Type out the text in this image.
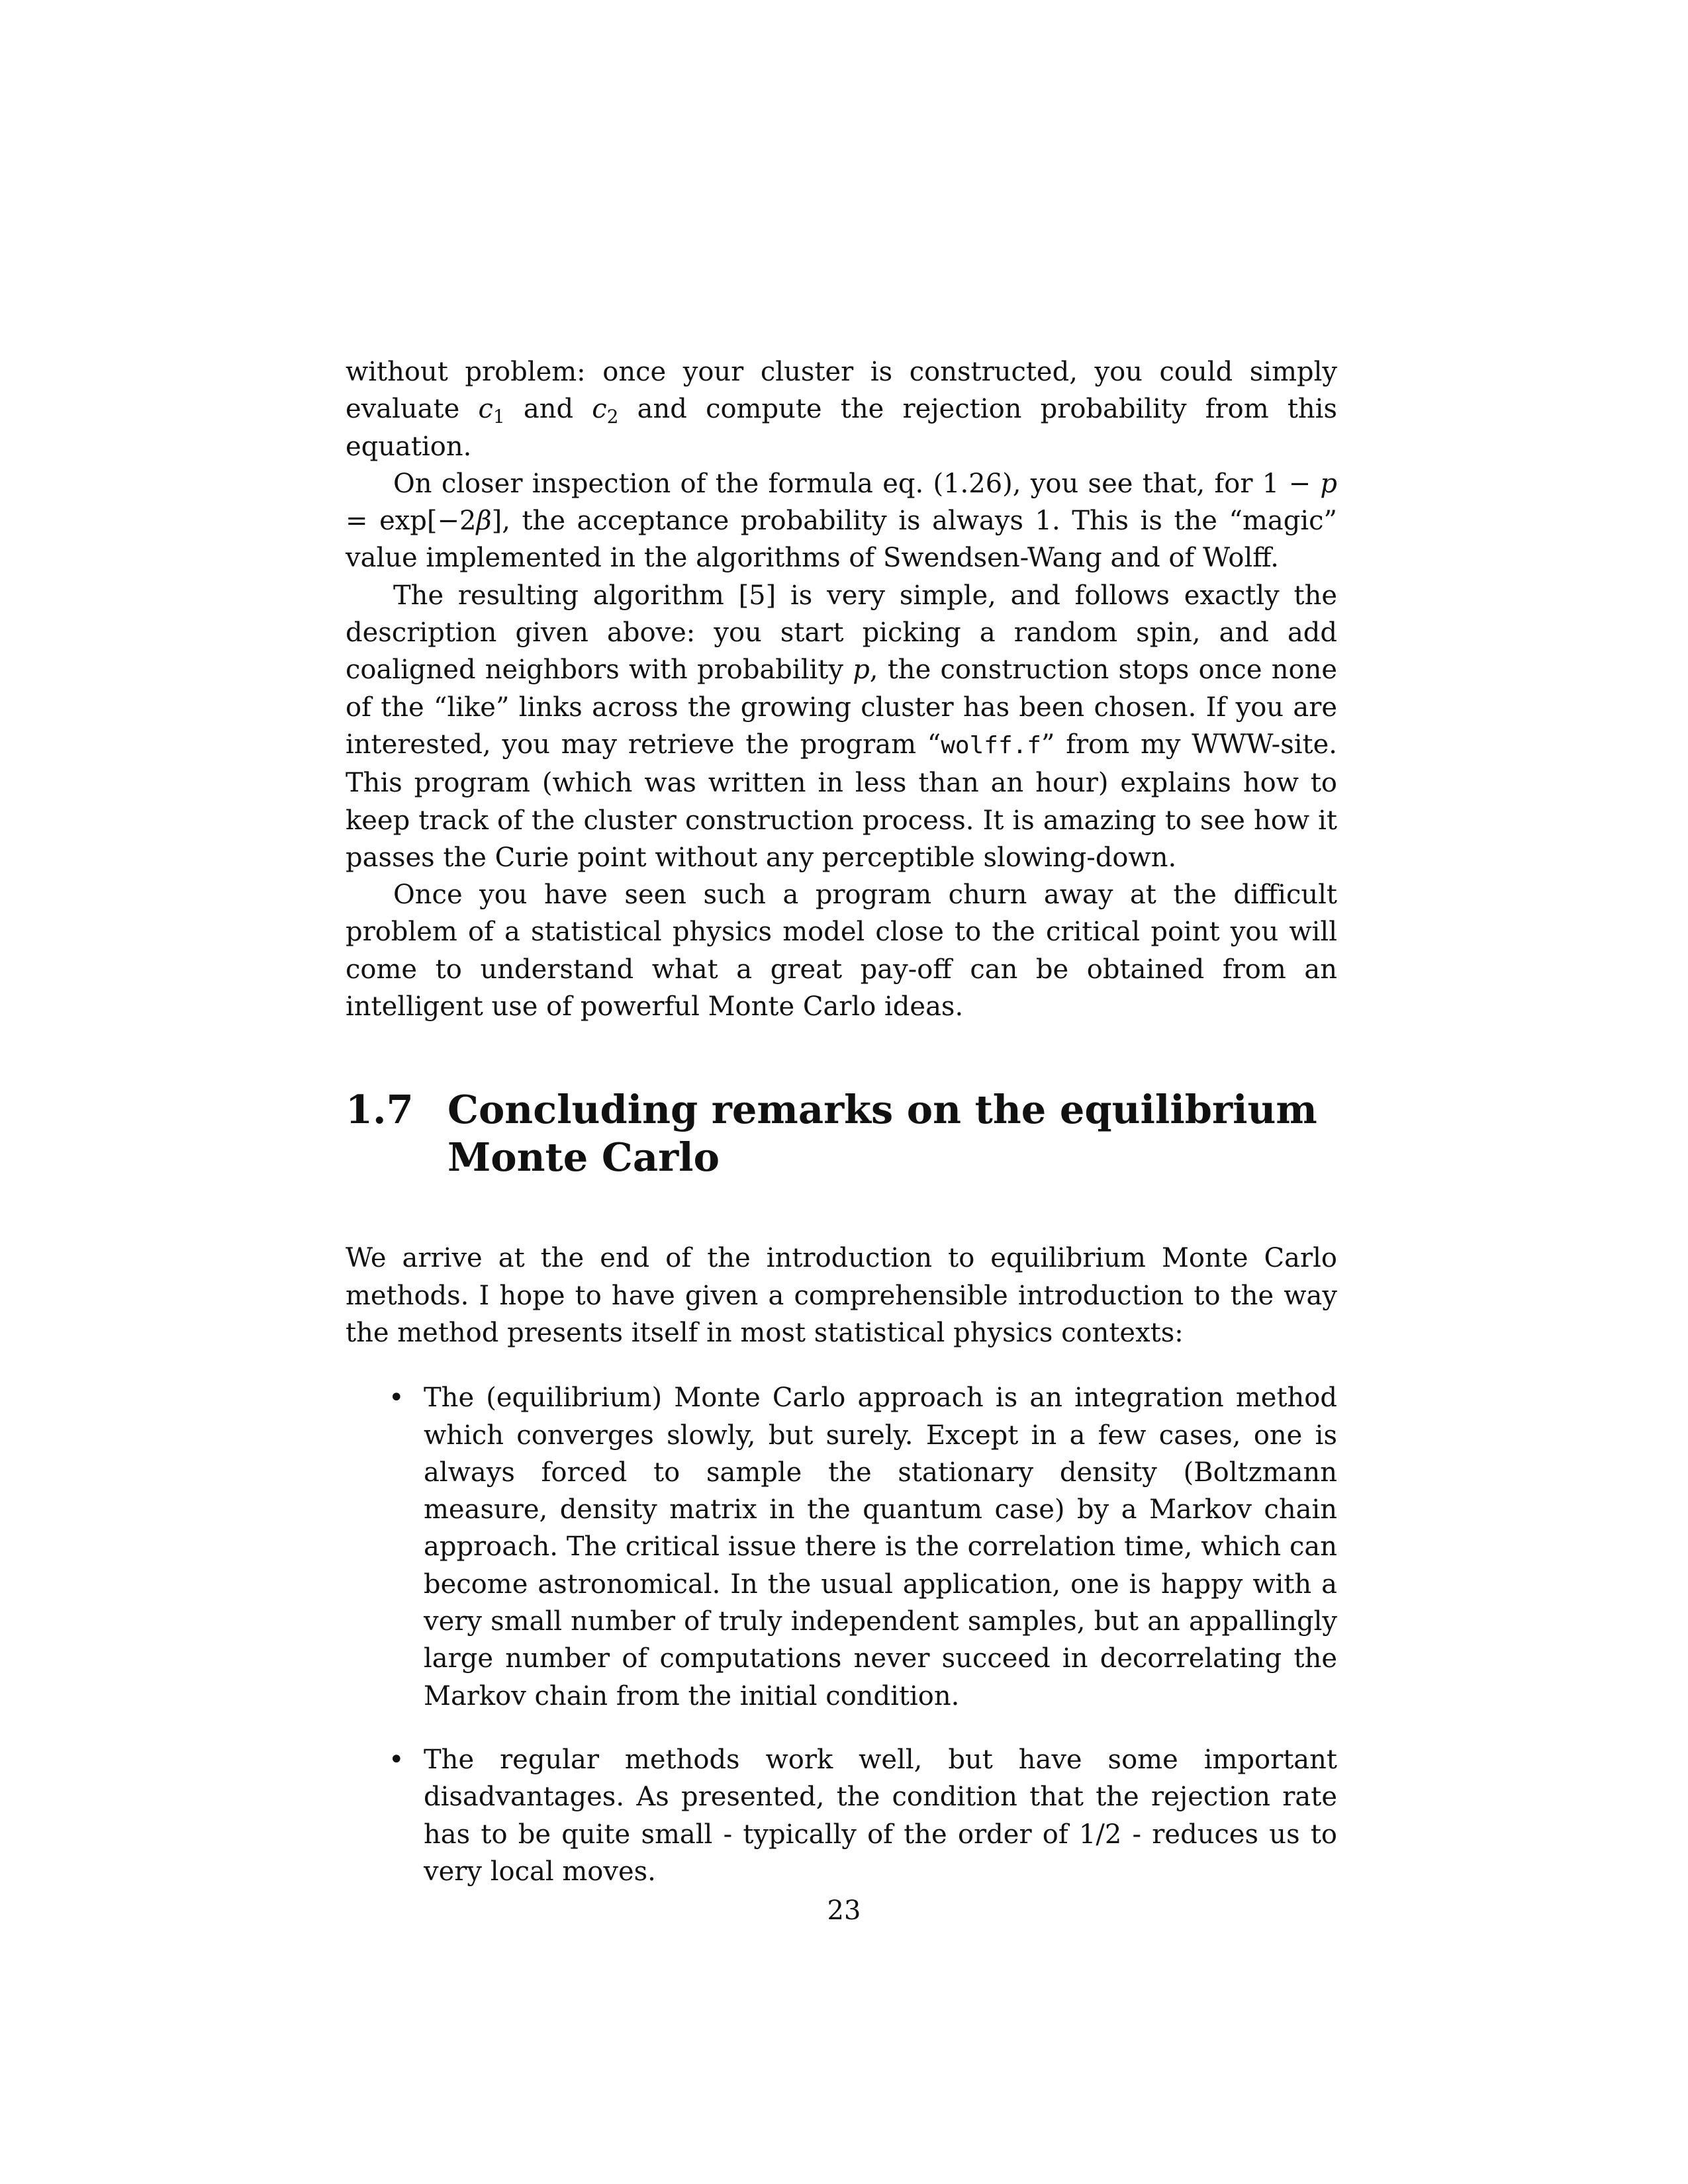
without problem: once your cluster is constructed, you could simply evaluate $c_1$ and $c_2$ and compute the rejection probability from this equation.

On closer inspection of the formula eq. (1.26), you see that, for 1 − p = exp[−2β], the acceptance probability is always 1. This is the “magic” value implemented in the algorithms of Swendsen-Wang and of Wolff.

The resulting algorithm [5] is very simple, and follows exactly the description given above: you start picking a random spin, and add coaligned neighbors with probability p, the construction stops once none of the “like” links across the growing cluster has been chosen. If you are interested, you may retrieve the program “wolff.f” from my WWW-site. This program (which was written in less than an hour) explains how to keep track of the cluster construction process. It is amazing to see how it passes the Curie point without any perceptible slowing-down.

Once you have seen such a program churn away at the difficult problem of a statistical physics model close to the critical point you will come to understand what a great pay-off can be obtained from an intelligent use of powerful Monte Carlo ideas.

1.7 Concluding remarks on the equilibrium Monte Carlo

We arrive at the end of the introduction to equilibrium Monte Carlo methods. I hope to have given a comprehensible introduction to the way the method presents itself in most statistical physics contexts:

• The (equilibrium) Monte Carlo approach is an integration method which converges slowly, but surely. Except in a few cases, one is always forced to sample the stationary density (Boltzmann measure, density matrix in the quantum case) by a Markov chain approach. The critical issue there is the correlation time, which can become astronomical. In the usual application, one is happy with a very small number of truly independent samples, but an appallingly large number of computations never succeed in decorrelating the Markov chain from the initial condition.
• The regular methods work well, but have some important disadvantages. As presented, the condition that the rejection rate has to be quite small - typically of the order of 1/2 - reduces us to very local moves.
23
